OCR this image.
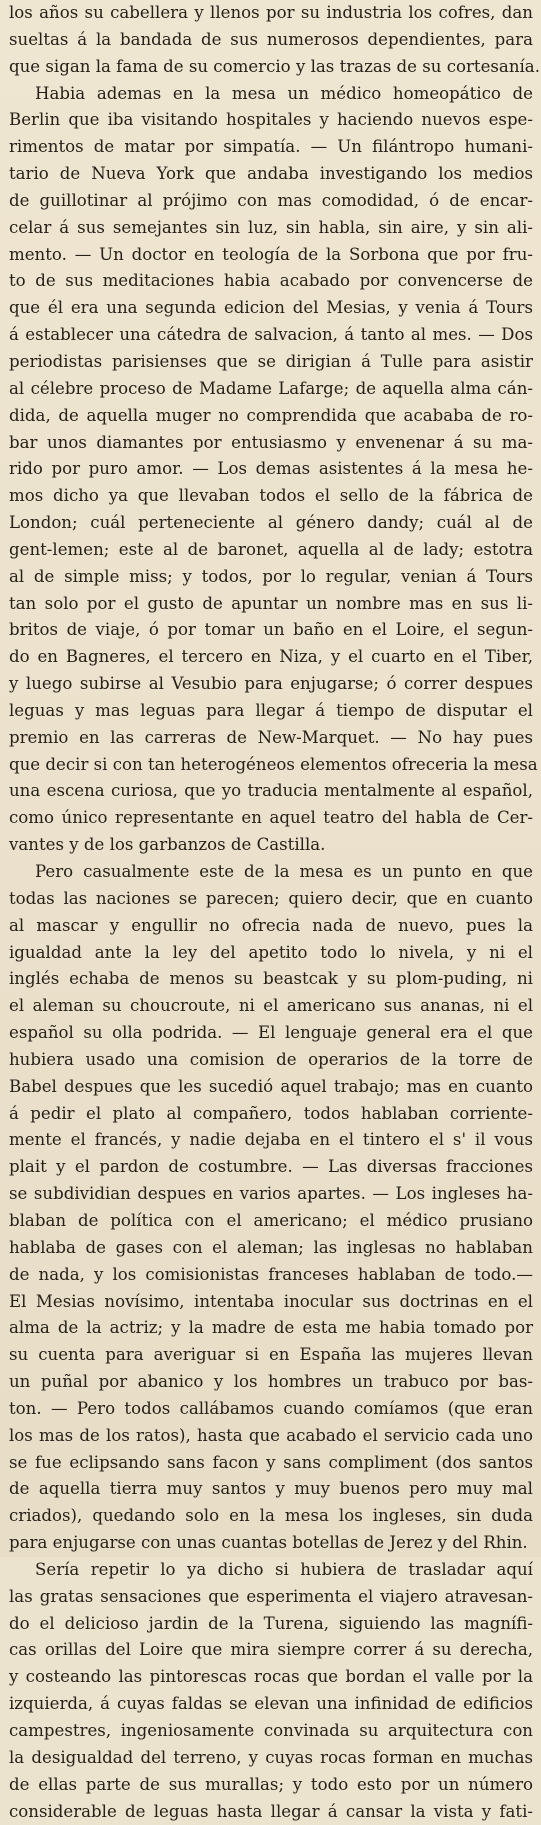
los años su cabellera y llenos por su industria los cofres, dan
sueltas á la bandada de sus numerosos dependientes, para
que sigan la fama de su comercio y las trazas de su cortesanía.
Habia ademas en la mesa un médico homeopático de
Berlin que iba visitando hospitales y haciendo nuevos espe-
rimentos de matar por simpatía. — Un filántropo humani-
tario de Nueva York que andaba investigando los medios
de guillotinar al prójimo con mas comodidad, ó de encar-
celar á sus semejantes sin luz, sin habla, sin aire, y sin ali-
mento. — Un doctor en teología de la Sorbona que por fru-
to de sus meditaciones habia acabado por convencerse de
que él era una segunda edicion del Mesias, y venia á Tours
á establecer una cátedra de salvacion, á tanto al mes. — Dos
periodistas parisienses que se dirigian á Tulle para asistir
al célebre proceso de Madame Lafarge; de aquella alma cán-
dida, de aquella muger no comprendida que acababa de ro-
bar unos diamantes por entusiasmo y envenenar á su ma-
rido por puro amor. — Los demas asistentes á la mesa he-
mos dicho ya que llevaban todos el sello de la fábrica de
London; cuál perteneciente al género dandy; cuál al de
gent-lemen; este al de baronet, aquella al de lady; estotra
al de simple miss; y todos, por lo regular, venian á Tours
tan solo por el gusto de apuntar un nombre mas en sus li-
britos de viaje, ó por tomar un baño en el Loire, el segun-
do en Bagneres, el tercero en Niza, y el cuarto en el Tiber,
y luego subirse al Vesubio para enjugarse; ó correr despues
leguas y mas leguas para llegar á tiempo de disputar el
premio en las carreras de New-Marquet. — No hay pues
que decir si con tan heterogéneos elementos ofreceria la mesa
una escena curiosa, que yo traducia mentalmente al español,
como único representante en aquel teatro del habla de Cer-
vantes y de los garbanzos de Castilla.
Pero casualmente este de la mesa es un punto en que
todas las naciones se parecen; quiero decir, que en cuanto
al mascar y engullir no ofrecia nada de nuevo, pues la
igualdad ante la ley del apetito todo lo nivela, y ni el
inglés echaba de menos su beastcak y su plom-puding, ni
el aleman su choucroute, ni el americano sus ananas, ni el
español su olla podrida. — El lenguaje general era el que
hubiera usado una comision de operarios de la torre de
Babel despues que les sucedió aquel trabajo; mas en cuanto
á pedir el plato al compañero, todos hablaban corriente-
mente el francés, y nadie dejaba en el tintero el s' il vous
plait y el pardon de costumbre. — Las diversas fracciones
se subdividian despues en varios apartes. — Los ingleses ha-
blaban de política con el americano; el médico prusiano
hablaba de gases con el aleman; las inglesas no hablaban
de nada, y los comisionistas franceses hablaban de todo.—
El Mesias novísimo, intentaba inocular sus doctrinas en el
alma de la actriz; y la madre de esta me habia tomado por
su cuenta para averiguar si en España las mujeres llevan
un puñal por abanico y los hombres un trabuco por bas-
ton. — Pero todos callábamos cuando comíamos (que eran
los mas de los ratos), hasta que acabado el servicio cada uno
se fue eclipsando sans facon y sans compliment (dos santos
de aquella tierra muy santos y muy buenos pero muy mal
criados), quedando solo en la mesa los ingleses, sin duda
para enjugarse con unas cuantas botellas de Jerez y del Rhin.
Sería repetir lo ya dicho si hubiera de trasladar aquí
las gratas sensaciones que esperimenta el viajero atravesan-
do el delicioso jardin de la Turena, siguiendo las magnífi-
cas orillas del Loire que mira siempre correr á su derecha,
y costeando las pintorescas rocas que bordan el valle por la
izquierda, á cuyas faldas se elevan una infinidad de edificios
campestres, ingeniosamente convinada su arquitectura con
la desigualdad del terreno, y cuyas rocas forman en muchas
de ellas parte de sus murallas; y todo esto por un número
considerable de leguas hasta llegar á cansar la vista y fati-
